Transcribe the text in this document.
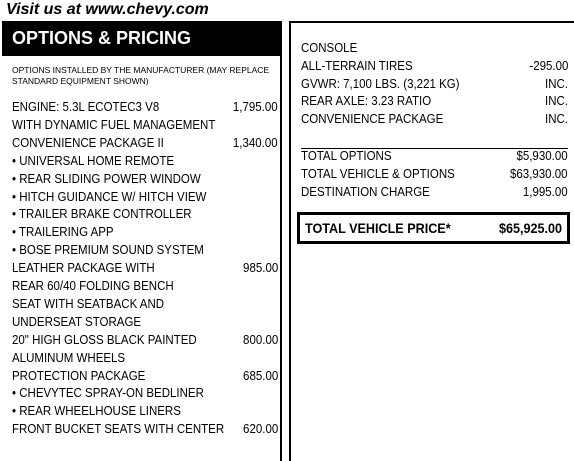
Visit us at www.chevy.com
OPTIONS & PRICING
OPTIONS INSTALLED BY THE MANUFACTURER (MAY REPLACE STANDARD EQUIPMENT SHOWN)
ENGINE: 5.3L ECOTEC3 V8	1,795.00
WITH DYNAMIC FUEL MANAGEMENT
CONVENIENCE PACKAGE II	1,340.00
• UNIVERSAL HOME REMOTE
• REAR SLIDING POWER WINDOW
• HITCH GUIDANCE W/ HITCH VIEW
• TRAILER BRAKE CONTROLLER
• TRAILERING APP
• BOSE PREMIUM SOUND SYSTEM
LEATHER PACKAGE WITH	985.00
REAR 60/40 FOLDING BENCH
SEAT WITH SEATBACK AND
UNDERSEAT STORAGE
20" HIGH GLOSS BLACK PAINTED	800.00
ALUMINUM WHEELS
PROTECTION PACKAGE	685.00
• CHEVYTEC SPRAY-ON BEDLINER
• REAR WHEELHOUSE LINERS
FRONT BUCKET SEATS WITH CENTER 620.00
CONSOLE
ALL-TERRAIN TIRES	-295.00
GVWR: 7,100 LBS. (3,221 KG)	INC.
REAR AXLE: 3.23 RATIO	INC.
CONVENIENCE PACKAGE	INC.
TOTAL OPTIONS	$5,930.00
TOTAL VEHICLE & OPTIONS	$63,930.00
DESTINATION CHARGE	1,995.00
TOTAL VEHICLE PRICE*	$65,925.00
